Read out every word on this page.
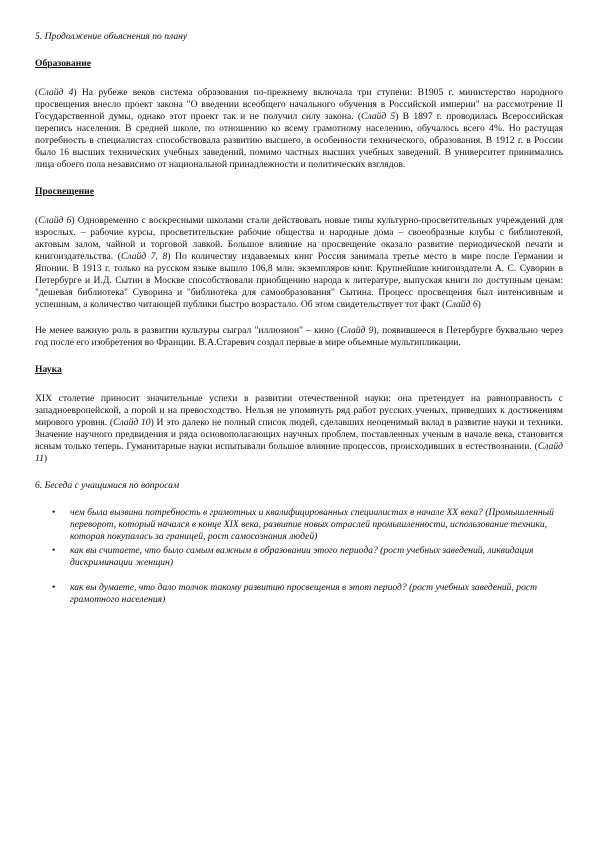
5. Продолжение объяснения по плану

Образование

(Слайд 4) На рубеже веков система образования по-прежнему включала три ступени: В1905 г. министерство народного просвещения внесло проект закона "О введении всеобщего начального обучения в Российской империи" на рассмотрение II Государственной думы, однако этот проект так и не получил силу закона. (Слайд 5) В 1897 г. проводилась Всероссийская перепись населения. В средней школе, по отношению ко всему грамотному населению, обучалось всего 4%. Но растущая потребность в специалистах способствовала развитию высшего, в особенности технического, образования. В 1912 г. в России было 16 высших технических учебных заведений, помимо частных высших учебных заведений. В университет принимались лица обоего пола независимо от национальной принадлежности и политических взглядов.

Просвещение

(Слайд 6) Одновременно с воскресными школами стали действовать новые типы культурно-просветительных учреждений для взрослых. – рабочие курсы, просветительские рабочие общества и народные дома – своеобразные клубы с библиотекой, актовым залом, чайной и торговой лавкой. Большое влияние на просвещение оказало развитие периодической печати и книгоиздательства. (Слайд 7, 8) По количеству издаваемых книг Россия занимала третье место в мире после Германии и Японии. В 1913 г. только на русском языке вышло 106,8 млн. экземпляров книг. Крупнейшие книгоиздатели А. С. Суворин в Петербурге и И.Д. Сытин в Москве способствовали приобщению народа к литературе, выпуская книги по доступным ценам: "дешевая библиотека" Суворина и "библиотека для самообразования" Сытина. Процесс просвещения был интенсивным и успешным, а количество читающей публики быстро возрастало. Об этом свидетельствует тот факт (Слайд 6)

Не менее важную роль в развитии культуры сыграл "иллюзион" – кино (Слайд 9), появившееся в Петербурге буквально через год после его изобретения во Франции. В.А.Старевич создал первые в мире объемные мультипликации.

Наука

XIX столетие приносит значительные успехи в развитии отечественной науки: она претендует на равноправность с западноевропейской, а порой и на превосходство. Нельзя не упомянуть ряд работ русских ученых, приведших к достижениям мирового уровня. (Слайд 10) И это далеко не полный список людей, сделавших неоценимый вклад в развитие науки и техники. Значение научного предвидения и ряда основополагающих научных проблем, поставленных ученым в начале века, становится ясным только теперь. Гуманитарные науки испытывали большое влияние процессов, происходивших в естествознании. (Слайд 11)

6. Беседа с учащимися по вопросам

• чем была вызвана потребность в грамотных и квалифицированных специалистах в начале XX века? (Промышленный переворот, который начался в конце XIX века, развитие новых отраслей промышленности, использование техники, которая покупалась за границей, рост самосознания людей)
• как вы считаете, что было самым важным в образовании этого периода? (рост учебных заведений, ликвидация дискриминации женщин)
• как вы думаете, что дало толчок такому развитию просвещения в этот период? (рост учебных заведений, рост грамотного населения)
